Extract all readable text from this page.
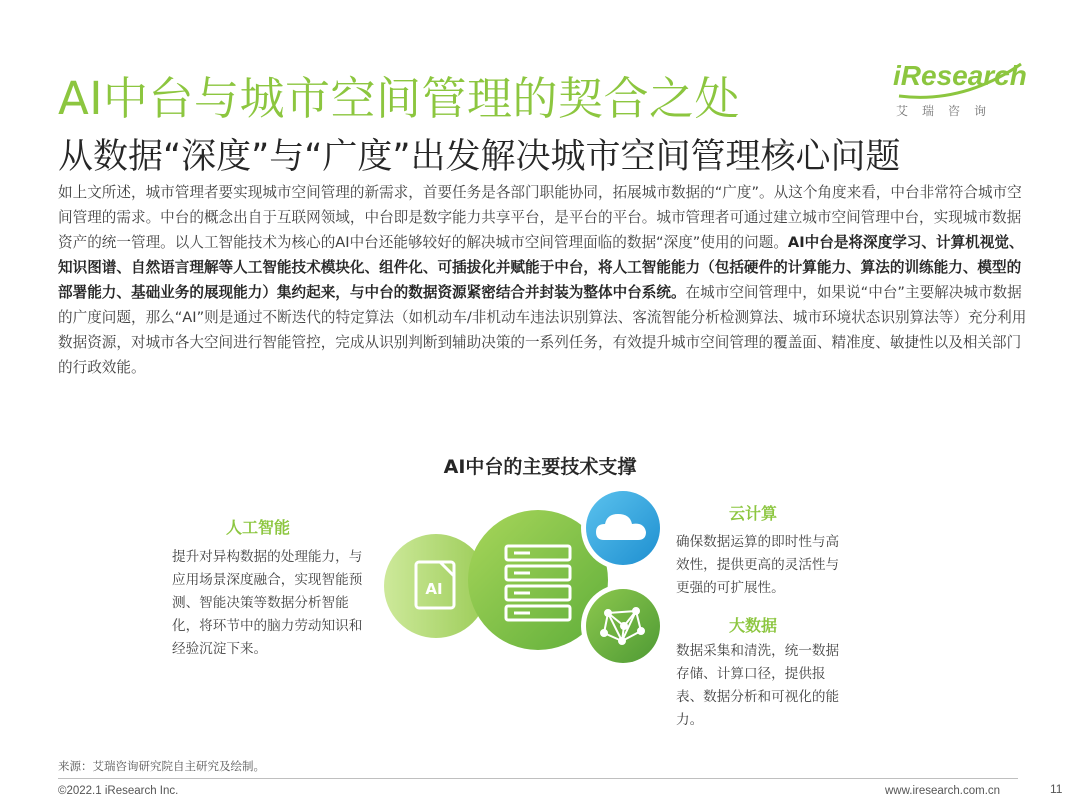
AI中台与城市空间管理的契合之处
从数据“深度”与“广度”出发解决城市空间管理核心问题
iResearch
艾瑞咨询
如上文所述，城市管理者要实现城市空间管理的新需求，首要任务是各部门职能协同，拓展城市数据的“广度”。从这个角度来看，中台非常符合城市空间管理的需求。中台的概念出自于互联网领域，中台即是数字能力共享平台，是平台的平台。城市管理者可通过建立城市空间管理中台，实现城市数据资产的统一管理。以人工智能技术为核心的AI中台还能够较好的解决城市空间管理面临的数据“深度”使用的问题。AI中台是将深度学习、计算机视觉、知识图谱、自然语言理解等人工智能技术模块化、组件化、可插拔化并赋能于中台，将人工智能能力（包括硬件的计算能力、算法的训练能力、模型的部署能力、基础业务的展现能力）集约起来，与中台的数据资源紧密结合并封装为整体中台系统。在城市空间管理中，如果说“中台”主要解决城市数据的广度问题，那么“AI”则是通过不断迭代的特定算法（如机动车/非机动车违法识别算法、客流智能分析检测算法、城市环境状态识别算法等）充分利用数据资源，对城市各大空间进行智能管控，完成从识别判断到辅助决策的一系列任务，有效提升城市空间管理的覆盖面、精准度、敏捷性以及相关部门的行政效能。
AI中台的主要技术支撑
人工智能
提升对异构数据的处理能力，与应用场景深度融合，实现智能预测、智能决策等数据分析智能化，将环节中的脑力劳动知识和经验沉淀下来。
云计算
确保数据运算的即时性与高效性，提供更高的灵活性与更强的可扩展性。
大数据
数据采集和清洗，统一数据存储、计算口径，提供报表、数据分析和可视化的能力。
AI
来源：艾瑞咨询研究院自主研究及绘制。
©2022.1 iResearch Inc.	www.iresearch.com.cn	11
